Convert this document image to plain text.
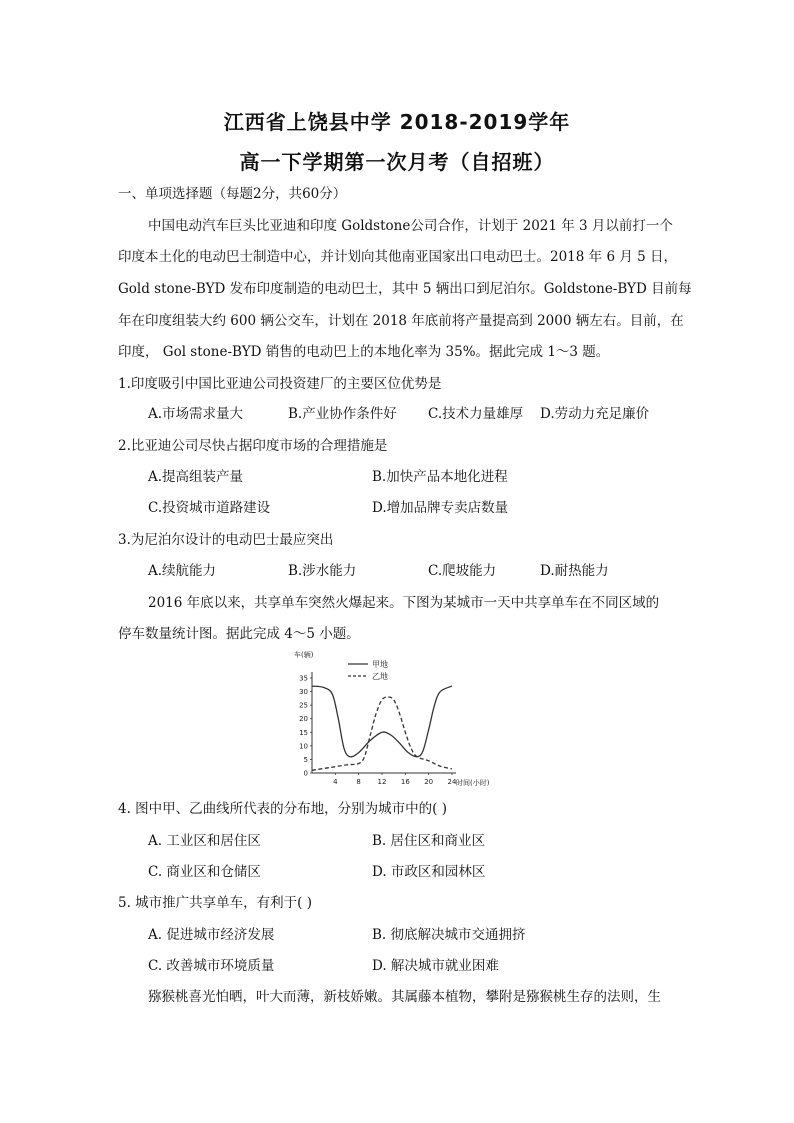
江西省上饶县中学 2018-2019学年
高一下学期第一次月考（自招班）
一、单项选择题（每题2分，共60分）
中国电动汽车巨头比亚迪和印度 Goldstone公司合作，计划于 2021 年 3 月以前打一个
印度本土化的电动巴士制造中心，并计划向其他南亚国家出口电动巴士。2018 年 6 月 5 日，
Gold stone-BYD 发布印度制造的电动巴士，其中 5 辆出口到尼泊尔。Goldstone-BYD 目前每
年在印度组装大约 600 辆公交车，计划在 2018 年底前将产量提高到 2000 辆左右。目前，在
印度， Gol stone-BYD 销售的电动巴上的本地化率为 35%。据此完成 1～3 题。
1.印度吸引中国比亚迪公司投资建厂的主要区位优势是
A.市场需求量大	B.产业协作条件好 C.技术力量雄厚 D.劳动力充足廉价
2.比亚迪公司尽快占据印度市场的合理措施是
A.提高组装产量	B.加快产品本地化进程
C.投资城市道路建设	D.增加品牌专卖店数量
3.为尼泊尔设计的电动巴士最应突出
A.续航能力	B.涉水能力	C.爬坡能力	D.耐热能力
2016 年底以来，共享单车突然火爆起来。下图为某城市一天中共享单车在不同区域的
停车数量统计图。据此完成 4～5 小题。
0
5
10
15
20
25
30
35
4	8 12 16 20 24
甲地
乙地
车(辆)
时间(小时)
4. 图中甲、乙曲线所代表的分布地，分别为城市中的( )
A. 工业区和居住区	B. 居住区和商业区
C. 商业区和仓储区	D. 市政区和园林区
5. 城市推广共享单车，有利于( )
A. 促进城市经济发展	B. 彻底解决城市交通拥挤
C. 改善城市环境质量	D. 解决城市就业困难
猕猴桃喜光怕晒，叶大而薄，新枝娇嫩。其属藤本植物，攀附是猕猴桃生存的法则，生
